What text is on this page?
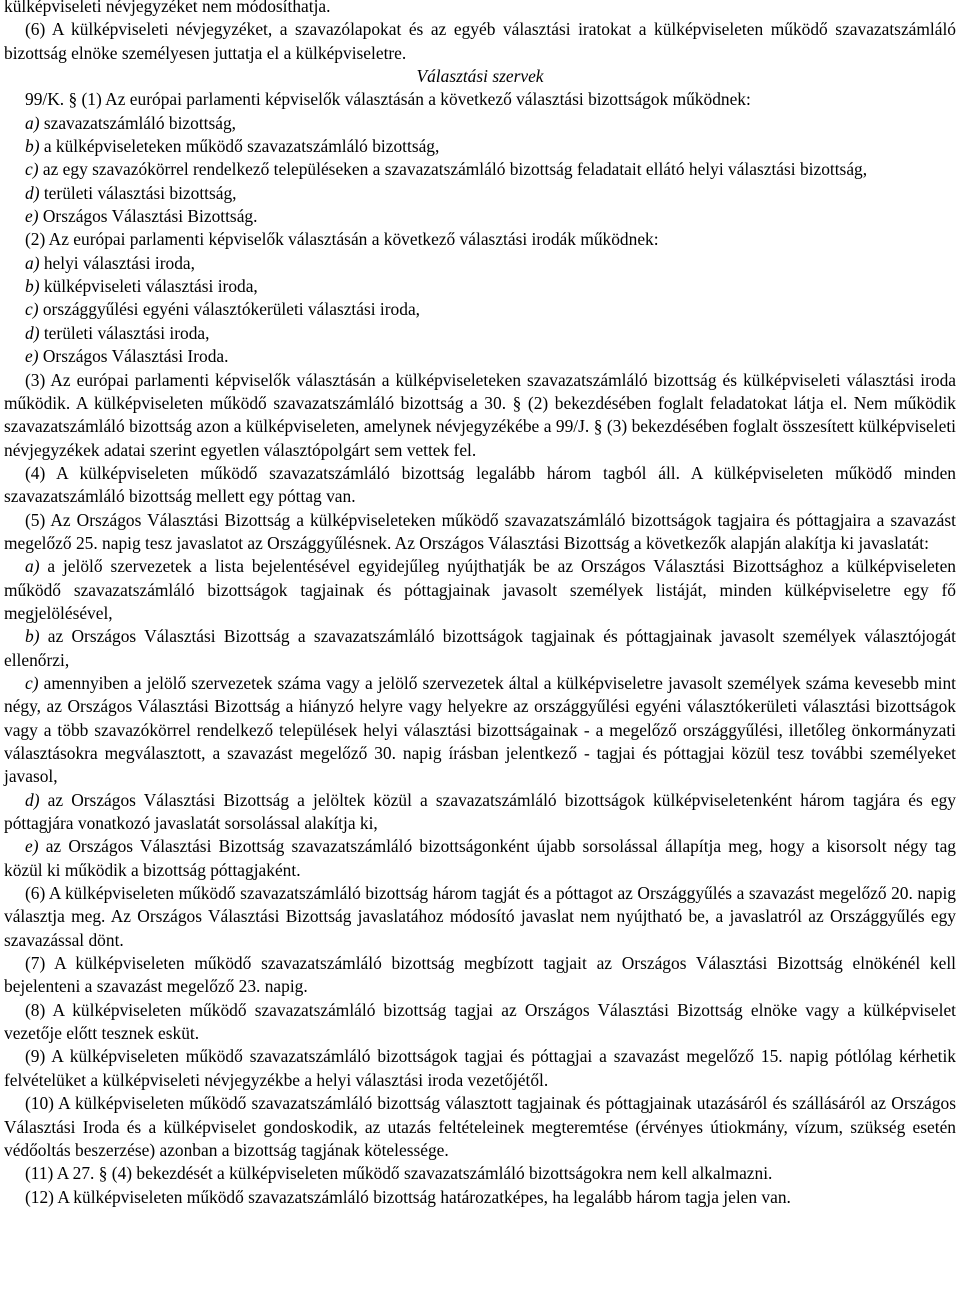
külképviseleti névjegyzéket nem módosíthatja.

(6) A külképviseleti névjegyzéket, a szavazólapokat és az egyéb választási iratokat a külképviseleten működő szavazatszámláló bizottság elnöke személyesen juttatja el a külképviseletre.

Választási szervek

99/K. § (1) Az európai parlamenti képviselők választásán a következő választási bizottságok működnek:

a) szavazatszámláló bizottság,

b) a külképviseleteken működő szavazatszámláló bizottság,

c) az egy szavazókörrel rendelkező településeken a szavazatszámláló bizottság feladatait ellátó helyi választási bizottság,

d) területi választási bizottság,

e) Országos Választási Bizottság.

(2) Az európai parlamenti képviselők választásán a következő választási irodák működnek:

a) helyi választási iroda,

b) külképviseleti választási iroda,

c) országgyűlési egyéni választókerületi választási iroda,

d) területi választási iroda,

e) Országos Választási Iroda.

(3) Az európai parlamenti képviselők választásán a külképviseleteken szavazatszámláló bizottság és külképviseleti választási iroda működik. A külképviseleten működő szavazatszámláló bizottság a 30. § (2) bekezdésében foglalt feladatokat látja el. Nem működik szavazatszámláló bizottság azon a külképviseleten, amelynek névjegyzékébe a 99/J. § (3) bekezdésében foglalt összesített külképviseleti névjegyzékek adatai szerint egyetlen választópolgárt sem vettek fel.

(4) A külképviseleten működő szavazatszámláló bizottság legalább három tagból áll. A külképviseleten működő minden szavazatszámláló bizottság mellett egy póttag van.

(5) Az Országos Választási Bizottság a külképviseleteken működő szavazatszámláló bizottságok tagjaira és póttagjaira a szavazást megelőző 25. napig tesz javaslatot az Országgyűlésnek. Az Országos Választási Bizottság a következők alapján alakítja ki javaslatát:

a) a jelölő szervezetek a lista bejelentésével egyidejűleg nyújthatják be az Országos Választási Bizottsághoz a külképviseleten működő szavazatszámláló bizottságok tagjainak és póttagjainak javasolt személyek listáját, minden külképviseletre egy fő megjelölésével,

b) az Országos Választási Bizottság a szavazatszámláló bizottságok tagjainak és póttagjainak javasolt személyek választójogát ellenőrzi,

c) amennyiben a jelölő szervezetek száma vagy a jelölő szervezetek által a külképviseletre javasolt személyek száma kevesebb mint négy, az Országos Választási Bizottság a hiányzó helyre vagy helyekre az országgyűlési egyéni választókerületi választási bizottságok vagy a több szavazókörrel rendelkező települések helyi választási bizottságainak - a megelőző országgyűlési, illetőleg önkormányzati választásokra megválasztott, a szavazást megelőző 30. napig írásban jelentkező - tagjai és póttagjai közül tesz további személyeket javasol,

d) az Országos Választási Bizottság a jelöltek közül a szavazatszámláló bizottságok külképviseletenként három tagjára és egy póttagjára vonatkozó javaslatát sorsolással alakítja ki,

e) az Országos Választási Bizottság szavazatszámláló bizottságonként újabb sorsolással állapítja meg, hogy a kisorsolt négy tag közül ki működik a bizottság póttagjaként.

(6) A külképviseleten működő szavazatszámláló bizottság három tagját és a póttagot az Országgyűlés a szavazást megelőző 20. napig választja meg. Az Országos Választási Bizottság javaslatához módosító javaslat nem nyújtható be, a javaslatról az Országgyűlés egy szavazással dönt.

(7) A külképviseleten működő szavazatszámláló bizottság megbízott tagjait az Országos Választási Bizottság elnökénél kell bejelenteni a szavazást megelőző 23. napig.

(8) A külképviseleten működő szavazatszámláló bizottság tagjai az Országos Választási Bizottság elnöke vagy a külképviselet vezetője előtt tesznek esküt.

(9) A külképviseleten működő szavazatszámláló bizottságok tagjai és póttagjai a szavazást megelőző 15. napig pótlólag kérhetik felvételüket a külképviseleti névjegyzékbe a helyi választási iroda vezetőjétől.

(10) A külképviseleten működő szavazatszámláló bizottság választott tagjainak és póttagjainak utazásáról és szállásáról az Országos Választási Iroda és a külképviselet gondoskodik, az utazás feltételeinek megteremtése (érvényes útiokmány, vízum, szükség esetén védőoltás beszerzése) azonban a bizottság tagjának kötelessége.

(11) A 27. § (4) bekezdését a külképviseleten működő szavazatszámláló bizottságokra nem kell alkalmazni.

(12) A külképviseleten működő szavazatszámláló bizottság határozatképes, ha legalább három tagja jelen van.
